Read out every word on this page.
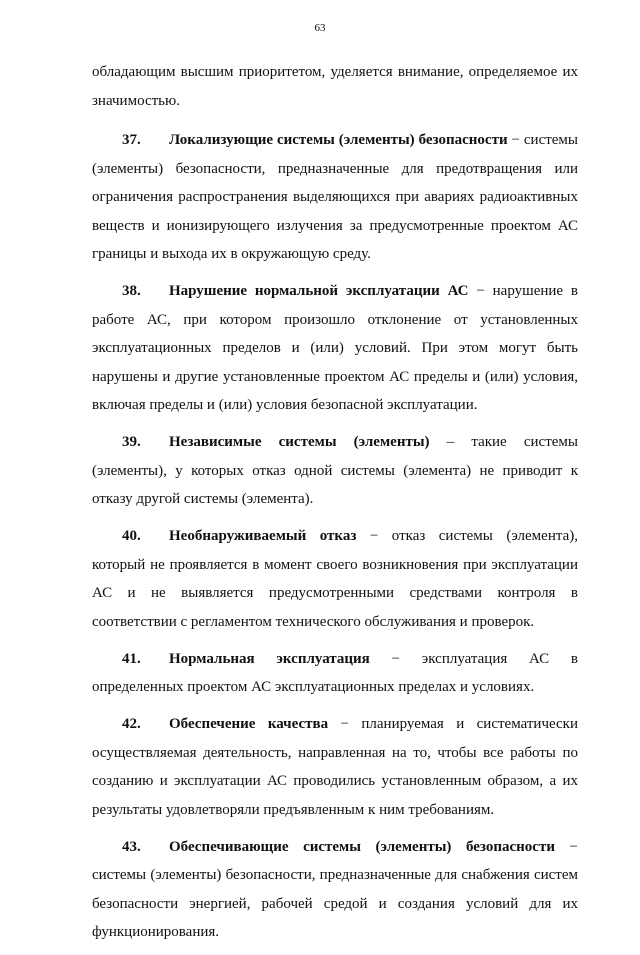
63

обладающим высшим приоритетом, уделяется внимание, определяемое их значимостью.

37. Локализующие системы (элементы) безопасности − системы (элементы) безопасности, предназначенные для предотвращения или ограничения распространения выделяющихся при авариях радиоактивных веществ и ионизирующего излучения за предусмотренные проектом АС границы и выхода их в окружающую среду.

38. Нарушение нормальной эксплуатации АС − нарушение в работе АС, при котором произошло отклонение от установленных эксплуатационных пределов и (или) условий. При этом могут быть нарушены и другие установленные проектом АС пределы и (или) условия, включая пределы и (или) условия безопасной эксплуатации.

39. Независимые системы (элементы) – такие системы (элементы), у которых отказ одной системы (элемента) не приводит к отказу другой системы (элемента).

40. Необнаруживаемый отказ − отказ системы (элемента), который не проявляется в момент своего возникновения при эксплуатации АС и не выявляется предусмотренными средствами контроля в соответствии с регламентом технического обслуживания и проверок.

41. Нормальная эксплуатация − эксплуатация АС в определенных проектом АС эксплуатационных пределах и условиях.

42. Обеспечение качества − планируемая и систематически осуществляемая деятельность, направленная на то, чтобы все работы по созданию и эксплуатации АС проводились установленным образом, а их результаты удовлетворяли предъявленным к ним требованиям.

43. Обеспечивающие системы (элементы) безопасности − системы (элементы) безопасности, предназначенные для снабжения систем безопасности энергией, рабочей средой и создания условий для их функционирования.
